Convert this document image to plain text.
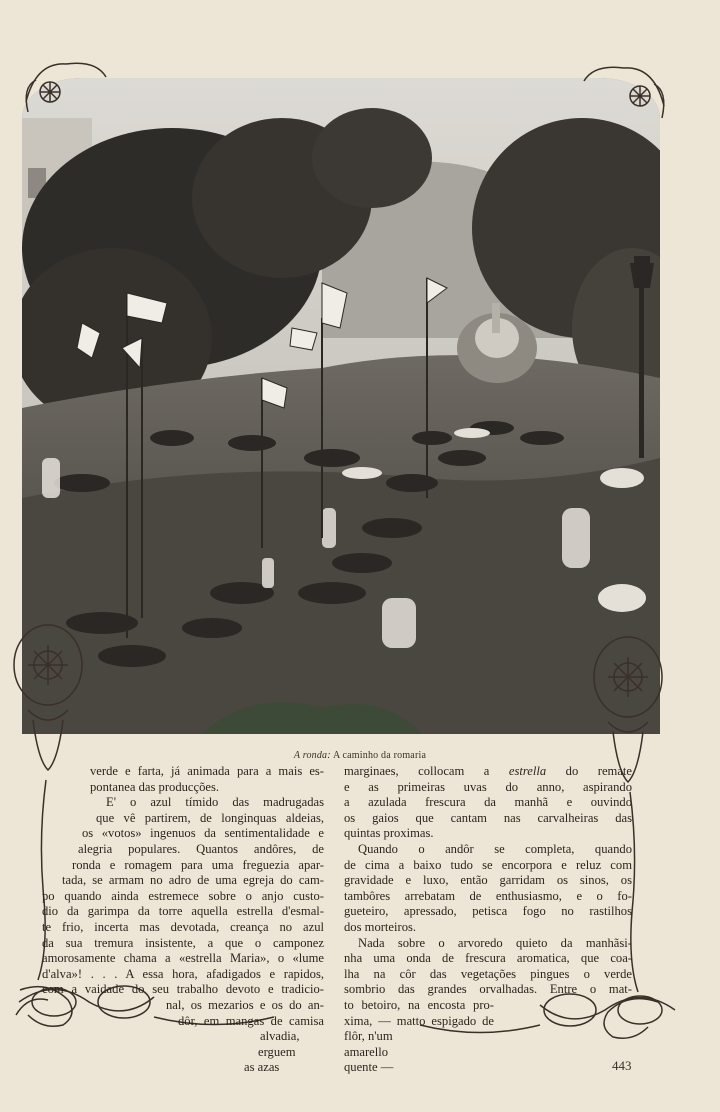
A ronda: A caminho da romaria
verde e farta, já animada para a mais es-
pontanea das producções.
E' o azul tímido das madrugadas
que vê partirem, de longinquas aldeias,
os «votos» ingenuos da sentimentalidade e
alegria populares. Quantos andôres, de
ronda e romagem para uma freguezia apar-
tada, se armam no adro de uma egreja do cam-
po quando ainda estremece sobre o anjo custo-
dio da garimpa da torre aquella estrella d'esmal-
te frio, incerta mas devotada, creança no azul
da sua tremura insistente, a que o camponez
amorosamente chama a «estrella Maria», o «lume
d'alva»! . . . A essa hora, afadigados e rapidos,
com a vaidade do seu trabalho devoto e tradicio-
nal, os mezarios e os do an-
dôr, em mangas de camisa
alvadia,
erguem
as azas
marginaes, collocam a estrella do remate
e as primeiras uvas do anno, aspirando
a azulada frescura da manhã e ouvindo
os gaios que cantam nas carvalheiras das
quintas proximas.
Quando o andôr se completa, quando
de cima a baixo tudo se encorpora e reluz com
gravidade e luxo, então garridam os sinos, os
tambôres arrebatam de enthusiasmo, e o fo-
gueteiro, apressado, petisca fogo no rastilhos
dos morteiros.
Nada sobre o arvoredo quieto da manhãsi-
nha uma onda de frescura aromatica, que coa-
lha na côr das vegetações pingues o verde
sombrio das grandes orvalhadas. Entre o mat-
to betoiro, na encosta pro-
xima, — matto espigado de
flôr, n'um
amarello
quente —	443
